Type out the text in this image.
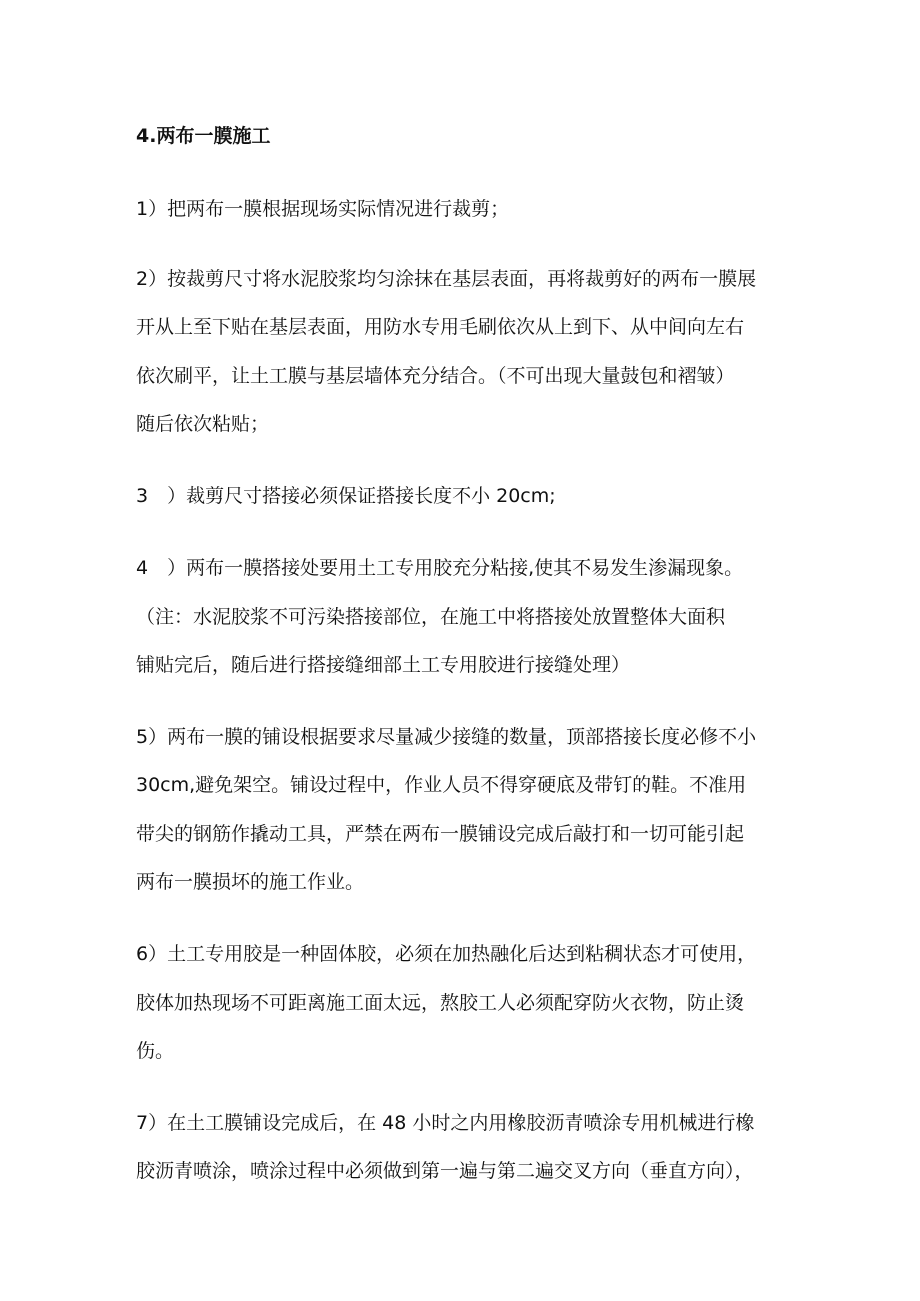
4.两布一膜施工
1）把两布一膜根据现场实际情况进行裁剪；
2）按裁剪尺寸将水泥胶浆均匀涂抹在基层表面，再将裁剪好的两布一膜展
开从上至下贴在基层表面，用防水专用毛刷依次从上到下、从中间向左右
依次刷平，让土工膜与基层墙体充分结合。（不可出现大量鼓包和褶皱）
随后依次粘贴；
3　）裁剪尺寸搭接必须保证搭接长度不小 20cm;
4　）两布一膜搭接处要用土工专用胶充分粘接,使其不易发生渗漏现象。
（注：水泥胶浆不可污染搭接部位，在施工中将搭接处放置整体大面积
铺贴完后，随后进行搭接缝细部土工专用胶进行接缝处理）
5）两布一膜的铺设根据要求尽量减少接缝的数量，顶部搭接长度必修不小
30cm,避免架空。铺设过程中，作业人员不得穿硬底及带钉的鞋。不准用
带尖的钢筋作撬动工具，严禁在两布一膜铺设完成后敲打和一切可能引起
两布一膜损坏的施工作业。
6）土工专用胶是一种固体胶，必须在加热融化后达到粘稠状态才可使用，
胶体加热现场不可距离施工面太远，熬胶工人必须配穿防火衣物，防止烫
伤。
7）在土工膜铺设完成后，在 48 小时之内用橡胶沥青喷涂专用机械进行橡
胶沥青喷涂，喷涂过程中必须做到第一遍与第二遍交叉方向（垂直方向），
